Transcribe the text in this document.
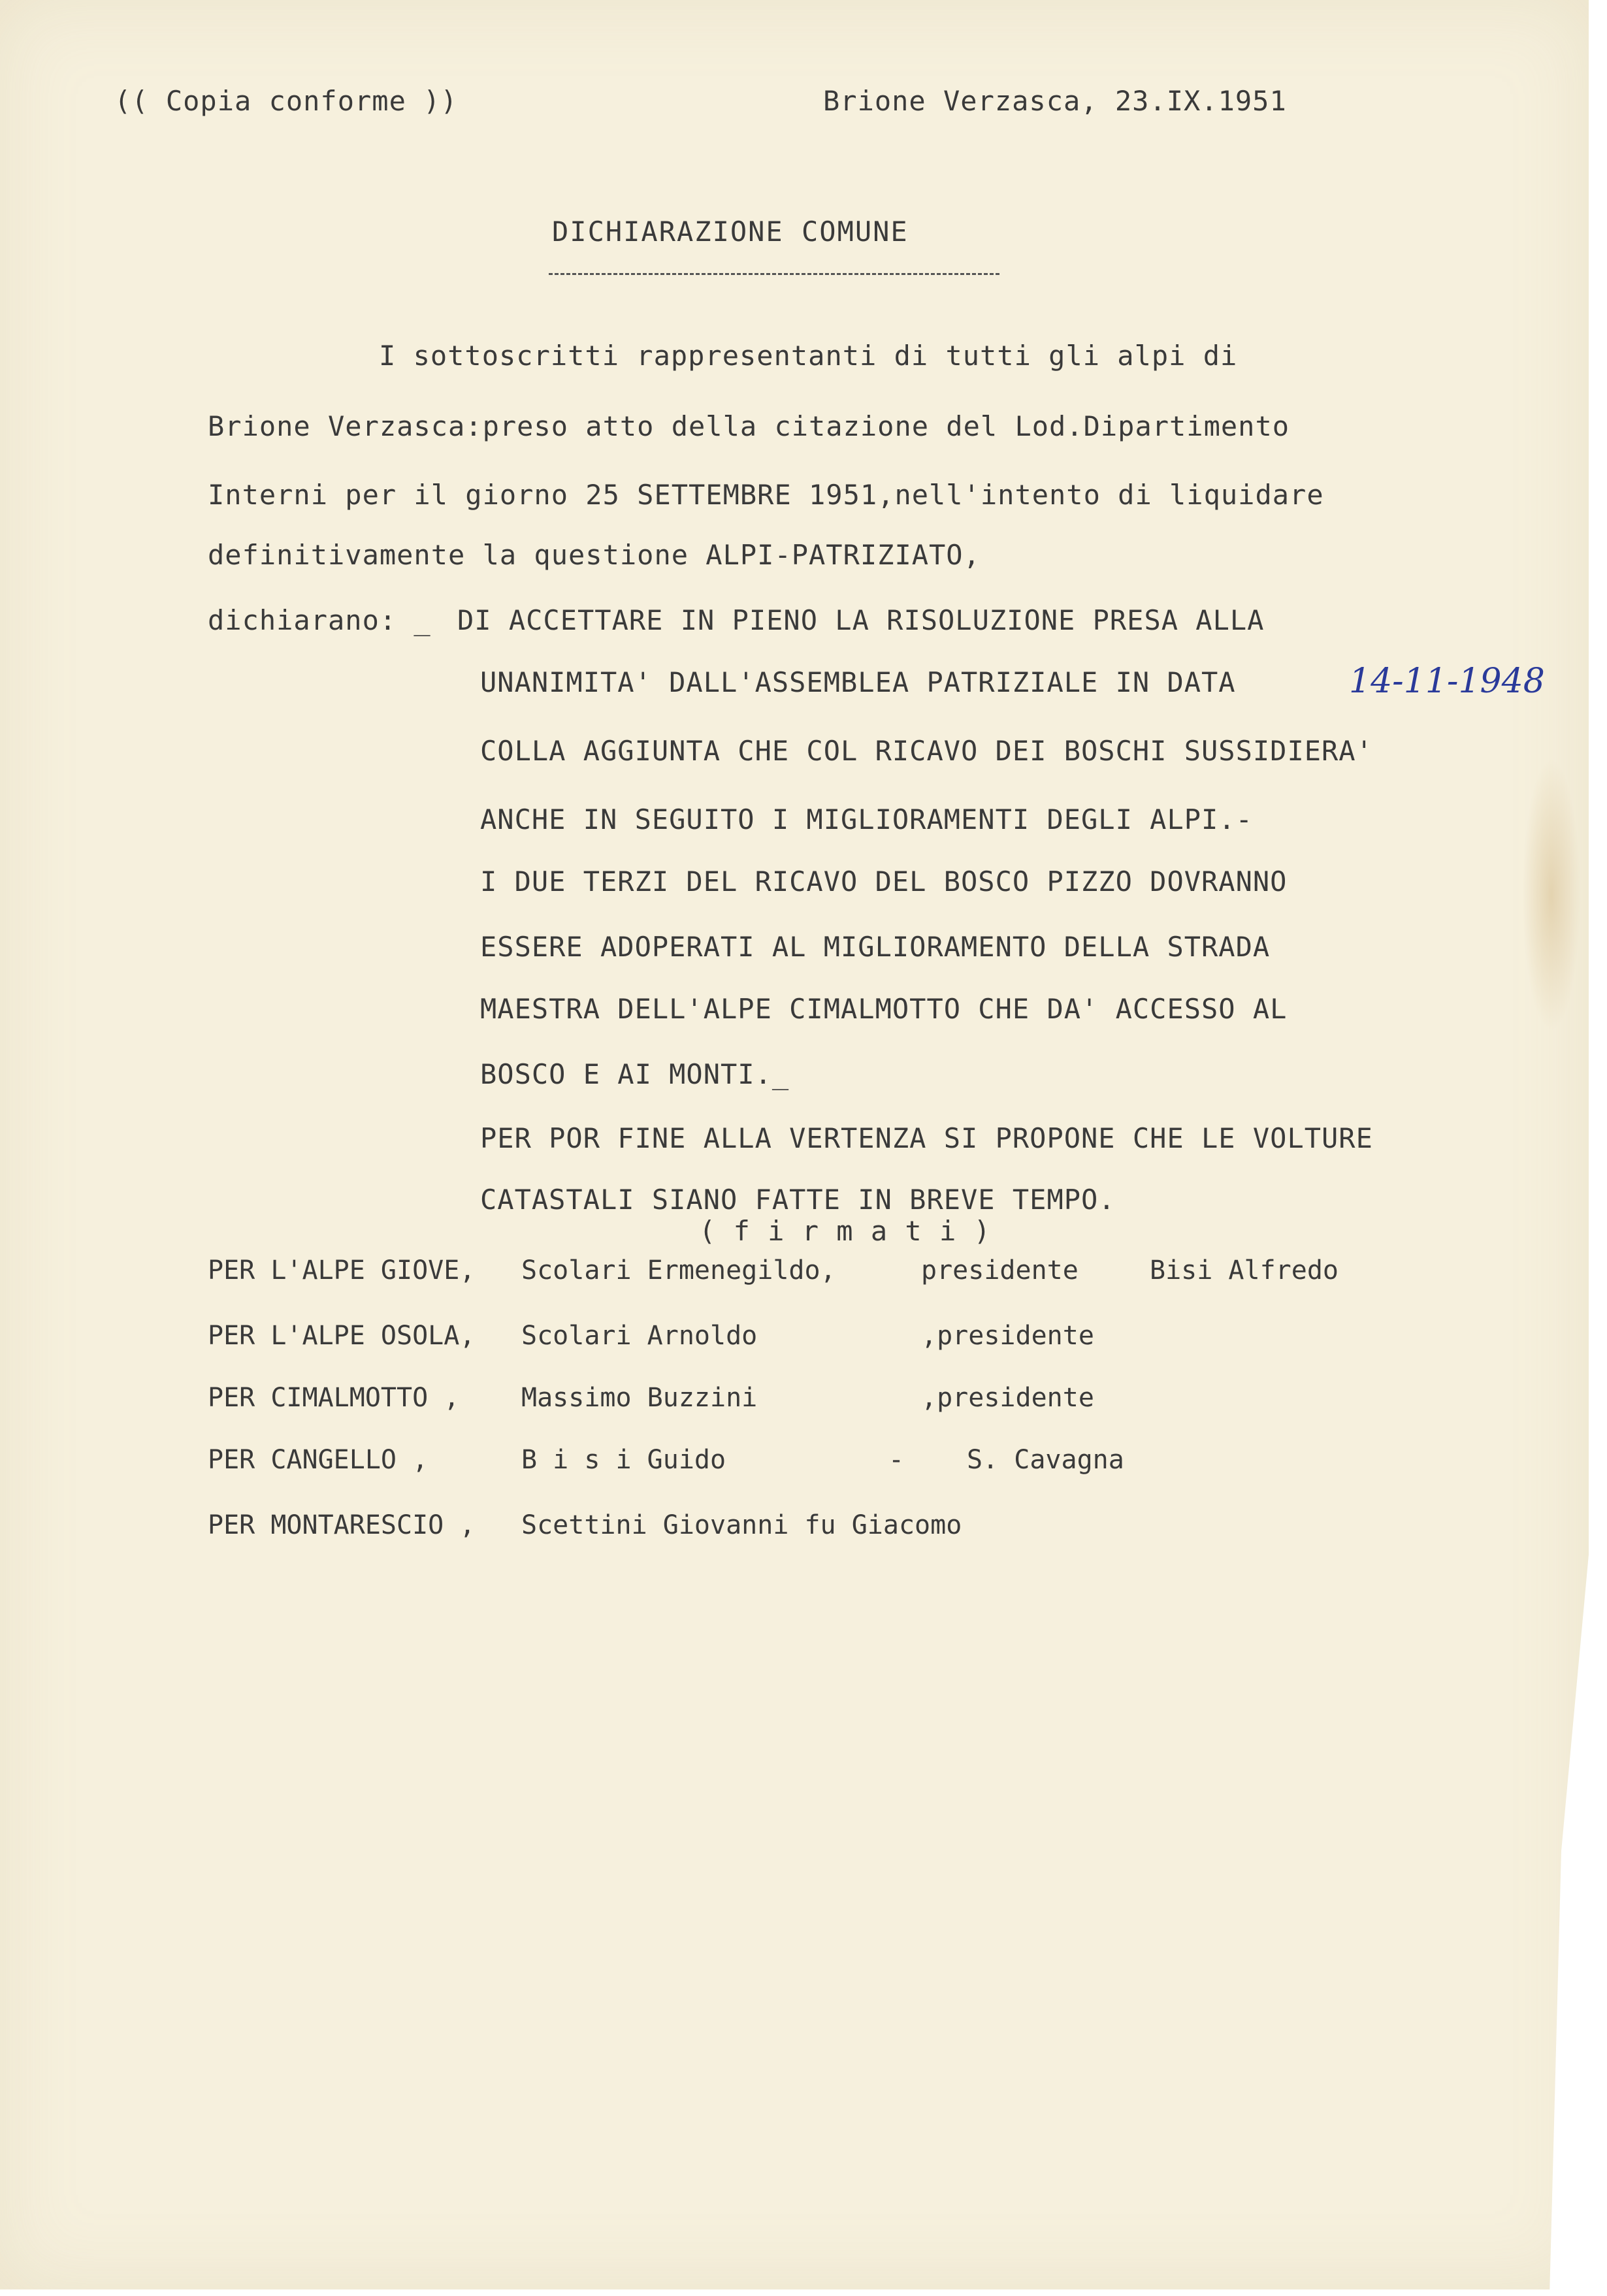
(( Copia conforme ))	Brione Verzasca, 23.IX.1951
DICHIARAZIONE COMUNE
I sottoscritti rappresentanti di tutti gli alpi di
Brione Verzasca:preso atto della citazione del Lod.Dipartimento
Interni per il giorno 25 SETTEMBRE 1951,nell'intento di liquidare
definitivamente la questione ALPI-PATRIZIATO,
dichiarano: _ DI ACCETTARE IN PIENO LA RISOLUZIONE PRESA ALLA
UNANIMITA' DALL'ASSEMBLEA PATRIZIALE IN DATA	14-11-1948
COLLA AGGIUNTA CHE COL RICAVO DEI BOSCHI SUSSIDIERA'
ANCHE IN SEGUITO I MIGLIORAMENTI DEGLI ALPI.-
I DUE TERZI DEL RICAVO DEL BOSCO PIZZO DOVRANNO
ESSERE ADOPERATI AL MIGLIORAMENTO DELLA STRADA
MAESTRA DELL'ALPE CIMALMOTTO CHE DA' ACCESSO AL
BOSCO E AI MONTI._
PER POR FINE ALLA VERTENZA SI PROPONE CHE LE VOLTURE
CATASTALI SIANO FATTE IN BREVE TEMPO.
( f i r m a t i )
PER L'ALPE GIOVE, Scolari Ermenegildo,	presidente	Bisi Alfredo
PER L'ALPE OSOLA, Scolari Arnoldo	,presidente
PER CIMALMOTTO , Massimo Buzzini	,presidente
PER CANGELLO ,	B i s i Guido	- S. Cavagna
PER MONTARESCIO , Scettini Giovanni fu Giacomo
